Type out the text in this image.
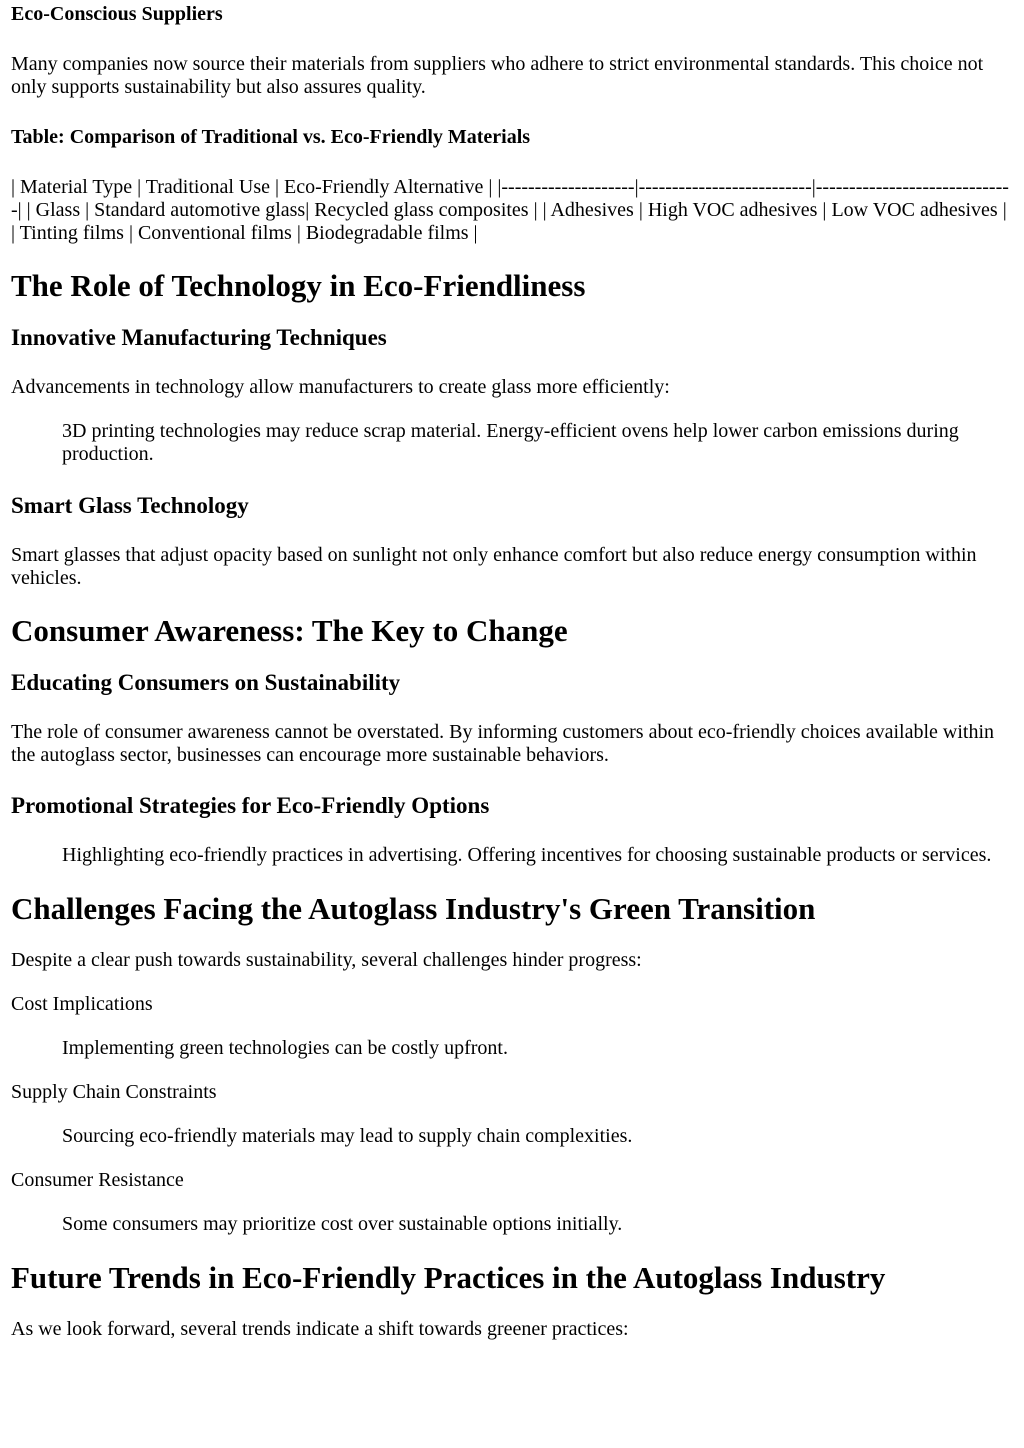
Eco-Conscious Suppliers

Many companies now source their materials from suppliers who adhere to strict environmental standards. This choice not only supports sustainability but also assures quality.

Table: Comparison of Traditional vs. Eco-Friendly Materials

| Material Type | Traditional Use | Eco-Friendly Alternative | |--------------------|--------------------------|------------------------------| | Glass | Standard automotive glass| Recycled glass composites | | Adhesives | High VOC adhesives | Low VOC adhesives | | Tinting films | Conventional films | Biodegradable films |

The Role of Technology in Eco-Friendliness
Innovative Manufacturing Techniques

Advancements in technology allow manufacturers to create glass more efficiently:

3D printing technologies may reduce scrap material. Energy-efficient ovens help lower carbon emissions during production.
Smart Glass Technology

Smart glasses that adjust opacity based on sunlight not only enhance comfort but also reduce energy consumption within vehicles.

Consumer Awareness: The Key to Change
Educating Consumers on Sustainability

The role of consumer awareness cannot be overstated. By informing customers about eco-friendly choices available within the autoglass sector, businesses can encourage more sustainable behaviors.

Promotional Strategies for Eco-Friendly Options
Highlighting eco-friendly practices in advertising. Offering incentives for choosing sustainable products or services.
Challenges Facing the Autoglass Industry's Green Transition

Despite a clear push towards sustainability, several challenges hinder progress:

Cost Implications

Implementing green technologies can be costly upfront.

Supply Chain Constraints

Sourcing eco-friendly materials may lead to supply chain complexities.

Consumer Resistance

Some consumers may prioritize cost over sustainable options initially.
Future Trends in Eco-Friendly Practices in the Autoglass Industry

As we look forward, several trends indicate a shift towards greener practices:
